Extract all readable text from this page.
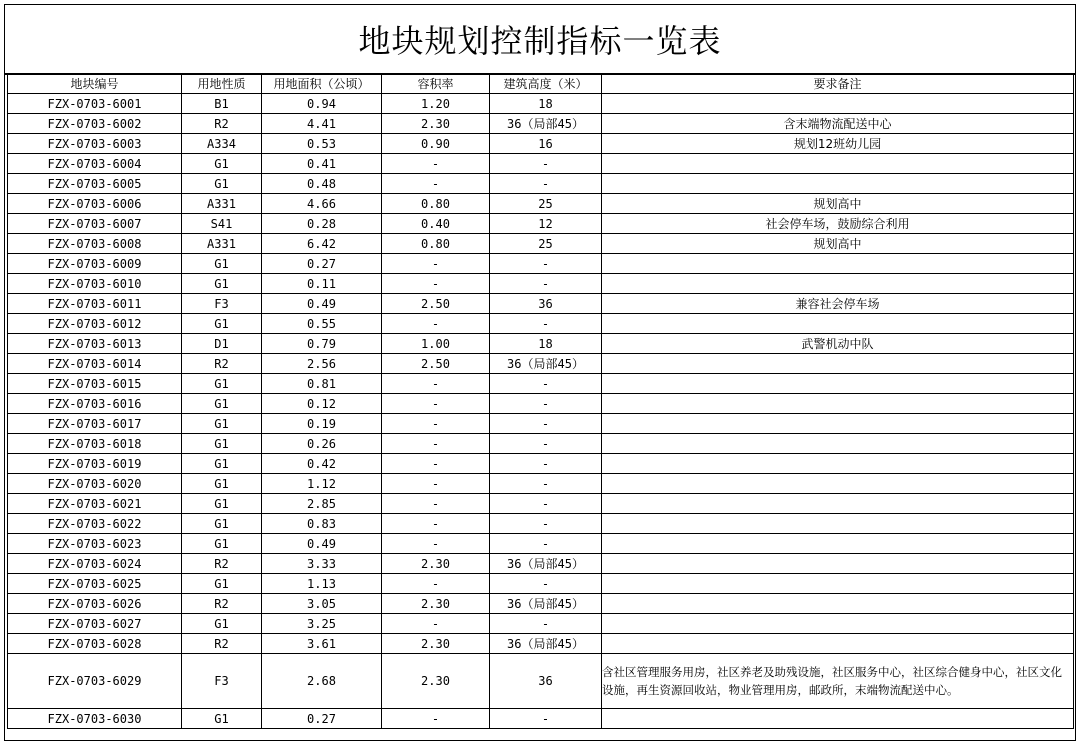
地块规划控制指标一览表
地块编号	用地性质	用地面积（公顷）	容积率	建筑高度（米）	要求备注
FZX-0703-6001	B1	0.94	1.20	18	
FZX-0703-6002	R2	4.41	2.30	36（局部45）	含末端物流配送中心
FZX-0703-6003	A334	0.53	0.90	16	规划12班幼儿园
FZX-0703-6004	G1	0.41	-	-	
FZX-0703-6005	G1	0.48	-	-	
FZX-0703-6006	A331	4.66	0.80	25	规划高中
FZX-0703-6007	S41	0.28	0.40	12	社会停车场，鼓励综合利用
FZX-0703-6008	A331	6.42	0.80	25	规划高中
FZX-0703-6009	G1	0.27	-	-	
FZX-0703-6010	G1	0.11	-	-	
FZX-0703-6011	F3	0.49	2.50	36	兼容社会停车场
FZX-0703-6012	G1	0.55	-	-	
FZX-0703-6013	D1	0.79	1.00	18	武警机动中队
FZX-0703-6014	R2	2.56	2.50	36（局部45）	
FZX-0703-6015	G1	0.81	-	-	
FZX-0703-6016	G1	0.12	-	-	
FZX-0703-6017	G1	0.19	-	-	
FZX-0703-6018	G1	0.26	-	-	
FZX-0703-6019	G1	0.42	-	-	
FZX-0703-6020	G1	1.12	-	-	
FZX-0703-6021	G1	2.85	-	-	
FZX-0703-6022	G1	0.83	-	-	
FZX-0703-6023	G1	0.49	-	-	
FZX-0703-6024	R2	3.33	2.30	36（局部45）	
FZX-0703-6025	G1	1.13	-	-	
FZX-0703-6026	R2	3.05	2.30	36（局部45）	
FZX-0703-6027	G1	3.25	-	-	
FZX-0703-6028	R2	3.61	2.30	36（局部45）	
FZX-0703-6029	F3	2.68	2.30	36	含社区管理服务用房，社区养老及助残设施，社区服务中心，社区综合健身中心，社区文化设施，再生资源回收站，物业管理用房，邮政所，末端物流配送中心。
FZX-0703-6030	G1	0.27	-	-	
